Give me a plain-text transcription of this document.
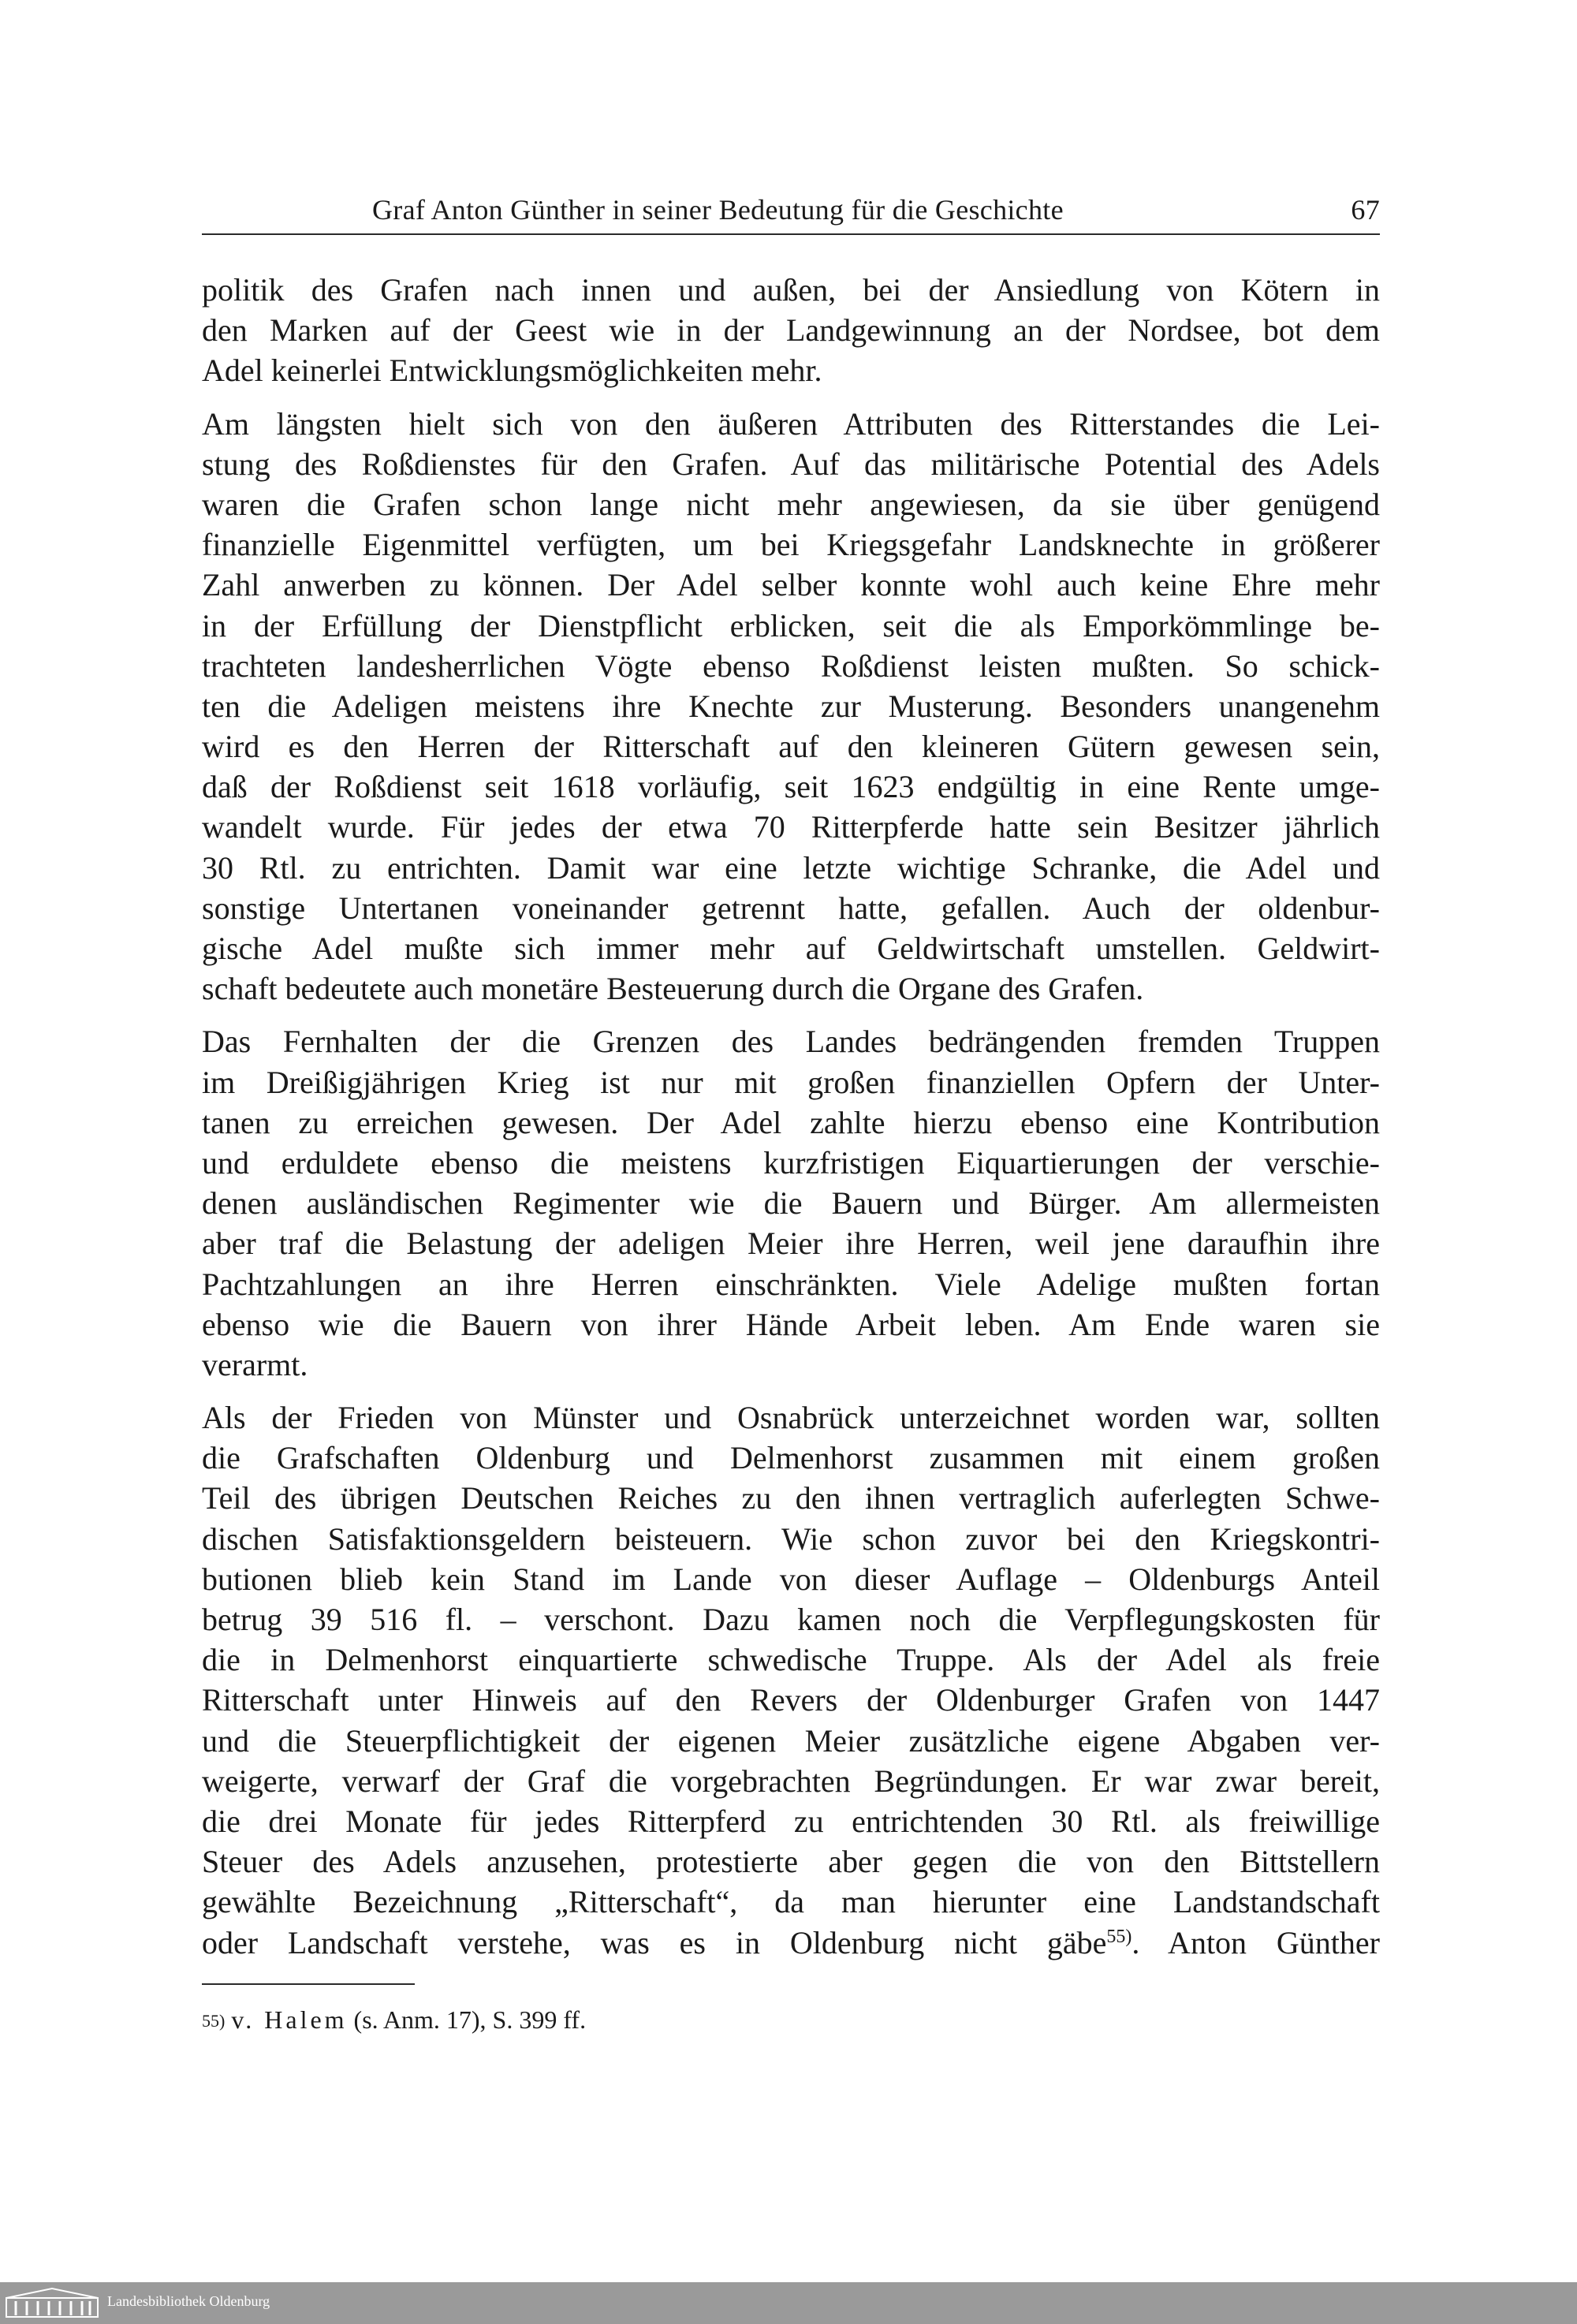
Graf Anton Günther in seiner Bedeutung für die Geschichte	67

politik des Grafen nach innen und außen, bei der Ansiedlung von Kötern in
den Marken auf der Geest wie in der Landgewinnung an der Nordsee, bot dem
Adel keinerlei Entwicklungsmöglichkeiten mehr.

Am längsten hielt sich von den äußeren Attributen des Ritterstandes die Lei-
stung des Roßdienstes für den Grafen. Auf das militärische Potential des Adels
waren die Grafen schon lange nicht mehr angewiesen, da sie über genügend
finanzielle Eigenmittel verfügten, um bei Kriegsgefahr Landsknechte in größerer
Zahl anwerben zu können. Der Adel selber konnte wohl auch keine Ehre mehr
in der Erfüllung der Dienstpflicht erblicken, seit die als Emporkömmlinge be-
trachteten landesherrlichen Vögte ebenso Roßdienst leisten mußten. So schick-
ten die Adeligen meistens ihre Knechte zur Musterung. Besonders unangenehm
wird es den Herren der Ritterschaft auf den kleineren Gütern gewesen sein,
daß der Roßdienst seit 1618 vorläufig, seit 1623 endgültig in eine Rente umge-
wandelt wurde. Für jedes der etwa 70 Ritterpferde hatte sein Besitzer jährlich
30 Rtl. zu entrichten. Damit war eine letzte wichtige Schranke, die Adel und
sonstige Untertanen voneinander getrennt hatte, gefallen. Auch der oldenbur-
gische Adel mußte sich immer mehr auf Geldwirtschaft umstellen. Geldwirt-
schaft bedeutete auch monetäre Besteuerung durch die Organe des Grafen.

Das Fernhalten der die Grenzen des Landes bedrängenden fremden Truppen
im Dreißigjährigen Krieg ist nur mit großen finanziellen Opfern der Unter-
tanen zu erreichen gewesen. Der Adel zahlte hierzu ebenso eine Kontribution
und erduldete ebenso die meistens kurzfristigen Eiquartierungen der verschie-
denen ausländischen Regimenter wie die Bauern und Bürger. Am allermeisten
aber traf die Belastung der adeligen Meier ihre Herren, weil jene daraufhin ihre
Pachtzahlungen an ihre Herren einschränkten. Viele Adelige mußten fortan
ebenso wie die Bauern von ihrer Hände Arbeit leben. Am Ende waren sie
verarmt.

Als der Frieden von Münster und Osnabrück unterzeichnet worden war, sollten
die Grafschaften Oldenburg und Delmenhorst zusammen mit einem großen
Teil des übrigen Deutschen Reiches zu den ihnen vertraglich auferlegten Schwe-
dischen Satisfaktionsgeldern beisteuern. Wie schon zuvor bei den Kriegskontri-
butionen blieb kein Stand im Lande von dieser Auflage – Oldenburgs Anteil
betrug 39 516 fl. – verschont. Dazu kamen noch die Verpflegungskosten für
die in Delmenhorst einquartierte schwedische Truppe. Als der Adel als freie
Ritterschaft unter Hinweis auf den Revers der Oldenburger Grafen von 1447
und die Steuerpflichtigkeit der eigenen Meier zusätzliche eigene Abgaben ver-
weigerte, verwarf der Graf die vorgebrachten Begründungen. Er war zwar bereit,
die drei Monate für jedes Ritterpferd zu entrichtenden 30 Rtl. als freiwillige
Steuer des Adels anzusehen, protestierte aber gegen die von den Bittstellern
gewählte Bezeichnung „Ritterschaft“, da man hierunter eine Landstandschaft
oder Landschaft verstehe, was es in Oldenburg nicht gäbe$^{55)}$. Anton Günther

$^{55)}$ v. Halem (s. Anm. 17), S. 399 ff.
Landesbibliothek Oldenburg
